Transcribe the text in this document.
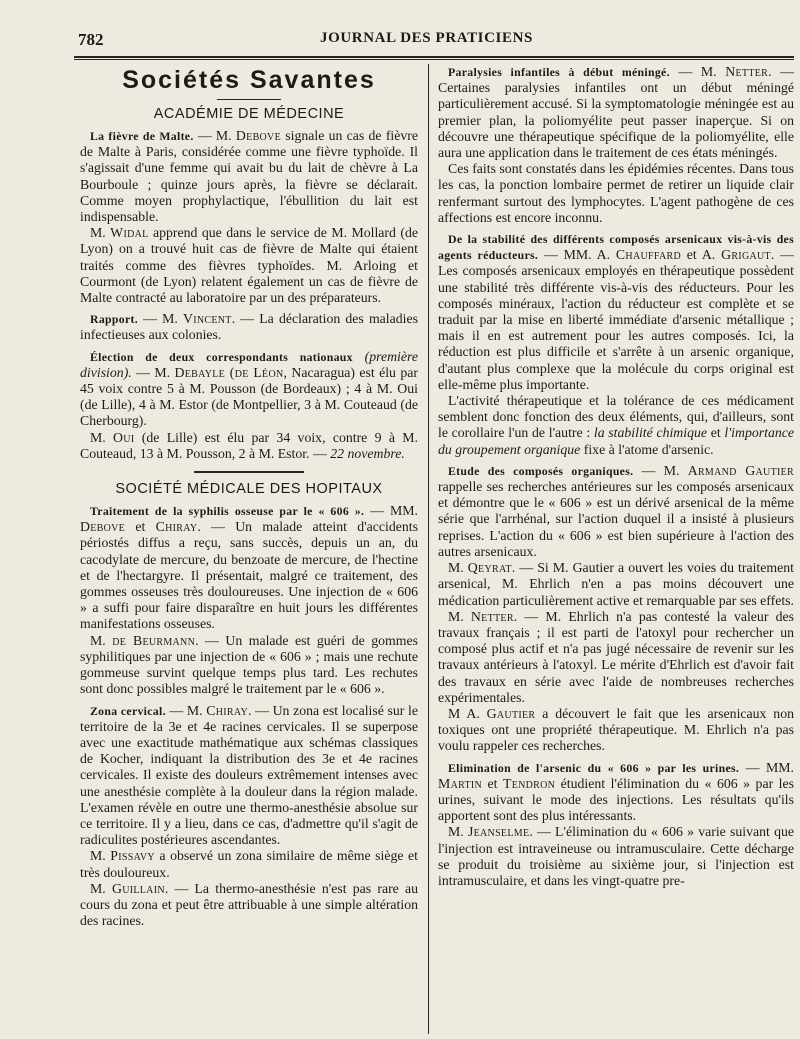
782	JOURNAL DES PRATICIENS
Sociétés Savantes
ACADÉMIE DE MÉDECINE

La fièvre de Malte. — M. Debove signale un cas de fièvre de Malte à Paris, considérée comme une fièvre typhoïde. Il s'agissait d'une femme qui avait bu du lait de chèvre à La Bourboule ; quinze jours après, la fièvre se déclarait. Comme moyen prophylactique, l'ébullition du lait est indispensable.

M. Widal apprend que dans le service de M. Mollard (de Lyon) on a trouvé huit cas de fièvre de Malte qui étaient traités comme des fièvres typhoïdes. M. Arloing et Courmont (de Lyon) relatent également un cas de fièvre de Malte contracté au laboratoire par un des préparateurs.

Rapport. — M. Vincent. — La déclaration des maladies infectieuses aux colonies.

Élection de deux correspondants nationaux (première division). — M. Debayle (de Léon, Nacaragua) est élu par 45 voix contre 5 à M. Pousson (de Bordeaux) ; 4 à M. Oui (de Lille), 4 à M. Estor (de Montpellier, 3 à M. Couteaud (de Cherbourg).

M. Oui (de Lille) est élu par 34 voix, contre 9 à M. Couteaud, 13 à M. Pousson, 2 à M. Estor. — 22 novembre.

SOCIÉTÉ MÉDICALE DES HOPITAUX

Traitement de la syphilis osseuse par le « 606 ». — MM. Debove et Chiray. — Un malade atteint d'accidents périostés diffus a reçu, sans succès, depuis un an, du cacodylate de mercure, du benzoate de mercure, de l'hectine et de l'hectargyre. Il présentait, malgré ce traitement, des gommes osseuses très douloureuses. Une injection de « 606 » a suffi pour faire disparaître en huit jours les différentes manifestations osseuses.

M. de Beurmann. — Un malade est guéri de gommes syphilitiques par une injection de « 606 » ; mais une rechute gommeuse survint quelque temps plus tard. Les rechutes sont donc possibles malgré le traitement par le « 606 ».

Zona cervical. — M. Chiray. — Un zona est localisé sur le territoire de la 3e et 4e racines cervicales. Il se superpose avec une exactitude mathématique aux schémas classiques de Kocher, indiquant la distribution des 3e et 4e racines cervicales. Il existe des douleurs extrêmement intenses avec une anesthésie complète à la douleur dans la région malade. L'examen révèle en outre une thermo-anesthésie absolue sur ce territoire. Il y a lieu, dans ce cas, d'admettre qu'il s'agit de radiculites postérieures ascendantes.

M. Pissavy a observé un zona similaire de même siège et très douloureux.

M. Guillain. — La thermo-anesthésie n'est pas rare au cours du zona et peut être attribuable à une simple altération des racines.

Paralysies infantiles à début méningé. — M. Netter. — Certaines paralysies infantiles ont un début méningé particulièrement accusé. Si la symptomatologie méningée est au premier plan, la poliomyélite peut passer inaperçue. Si on découvre une thérapeutique spécifique de la poliomyélite, elle aura une application dans le traitement de ces états méningés.

Ces faits sont constatés dans les épidémies récentes. Dans tous les cas, la ponction lombaire permet de retirer un liquide clair renfermant surtout des lymphocytes. L'agent pathogène de ces affections est encore inconnu.

De la stabilité des différents composés arsenicaux vis-à-vis des agents réducteurs. — MM. A. Chauffard et A. Grigaut. — Les composés arsenicaux employés en thérapeutique possèdent une stabilité très différente vis-à-vis des réducteurs. Pour les composés minéraux, l'action du réducteur est complète et se traduit par la mise en liberté immédiate d'arsenic métallique ; mais il en est autrement pour les autres composés. Ici, la réduction est plus difficile et s'arrête à un arsenic organique, d'autant plus complexe que la molécule du corps original est elle-même plus importante.

L'activité thérapeutique et la tolérance de ces médicament semblent donc fonction des deux éléments, qui, d'ailleurs, sont le corollaire l'un de l'autre : la stabilité chimique et l'importance du groupement organique fixe à l'atome d'arsenic.

Etude des composés organiques. — M. Armand Gautier rappelle ses recherches antérieures sur les composés arsenicaux et démontre que le « 606 » est un dérivé arsenical de la même série que l'arrhénal, sur l'action duquel il a insisté à plusieurs reprises. L'action du « 606 » est bien supérieure à l'action des autres arsenicaux.

M. Qeyrat. — Si M. Gautier a ouvert les voies du traitement arsenical, M. Ehrlich n'en a pas moins découvert une médication particulièrement active et remarquable par ses effets.

M. Netter. — M. Ehrlich n'a pas contesté la valeur des travaux français ; il est parti de l'atoxyl pour rechercher un composé plus actif et n'a pas jugé nécessaire de revenir sur les travaux antérieurs à l'atoxyl. Le mérite d'Ehrlich est d'avoir fait des travaux en série avec l'aide de nombreuses recherches expérimentales.

M A. Gautier a découvert le fait que les arsenicaux non toxiques ont une propriété thérapeutique. M. Ehrlich n'a pas voulu rappeler ces recherches.

Elimination de l'arsenic du « 606 » par les urines. — MM. Martin et Tendron étudient l'élimination du « 606 » par les urines, suivant le mode des injections. Les résultats qu'ils apportent sont des plus intéressants.

M. Jeanselme. — L'élimination du « 606 » varie suivant que l'injection est intraveineuse ou intramusculaire. Cette décharge se produit du troisième au sixième jour, si l'injection est intramusculaire, et dans les vingt-quatre pre-
